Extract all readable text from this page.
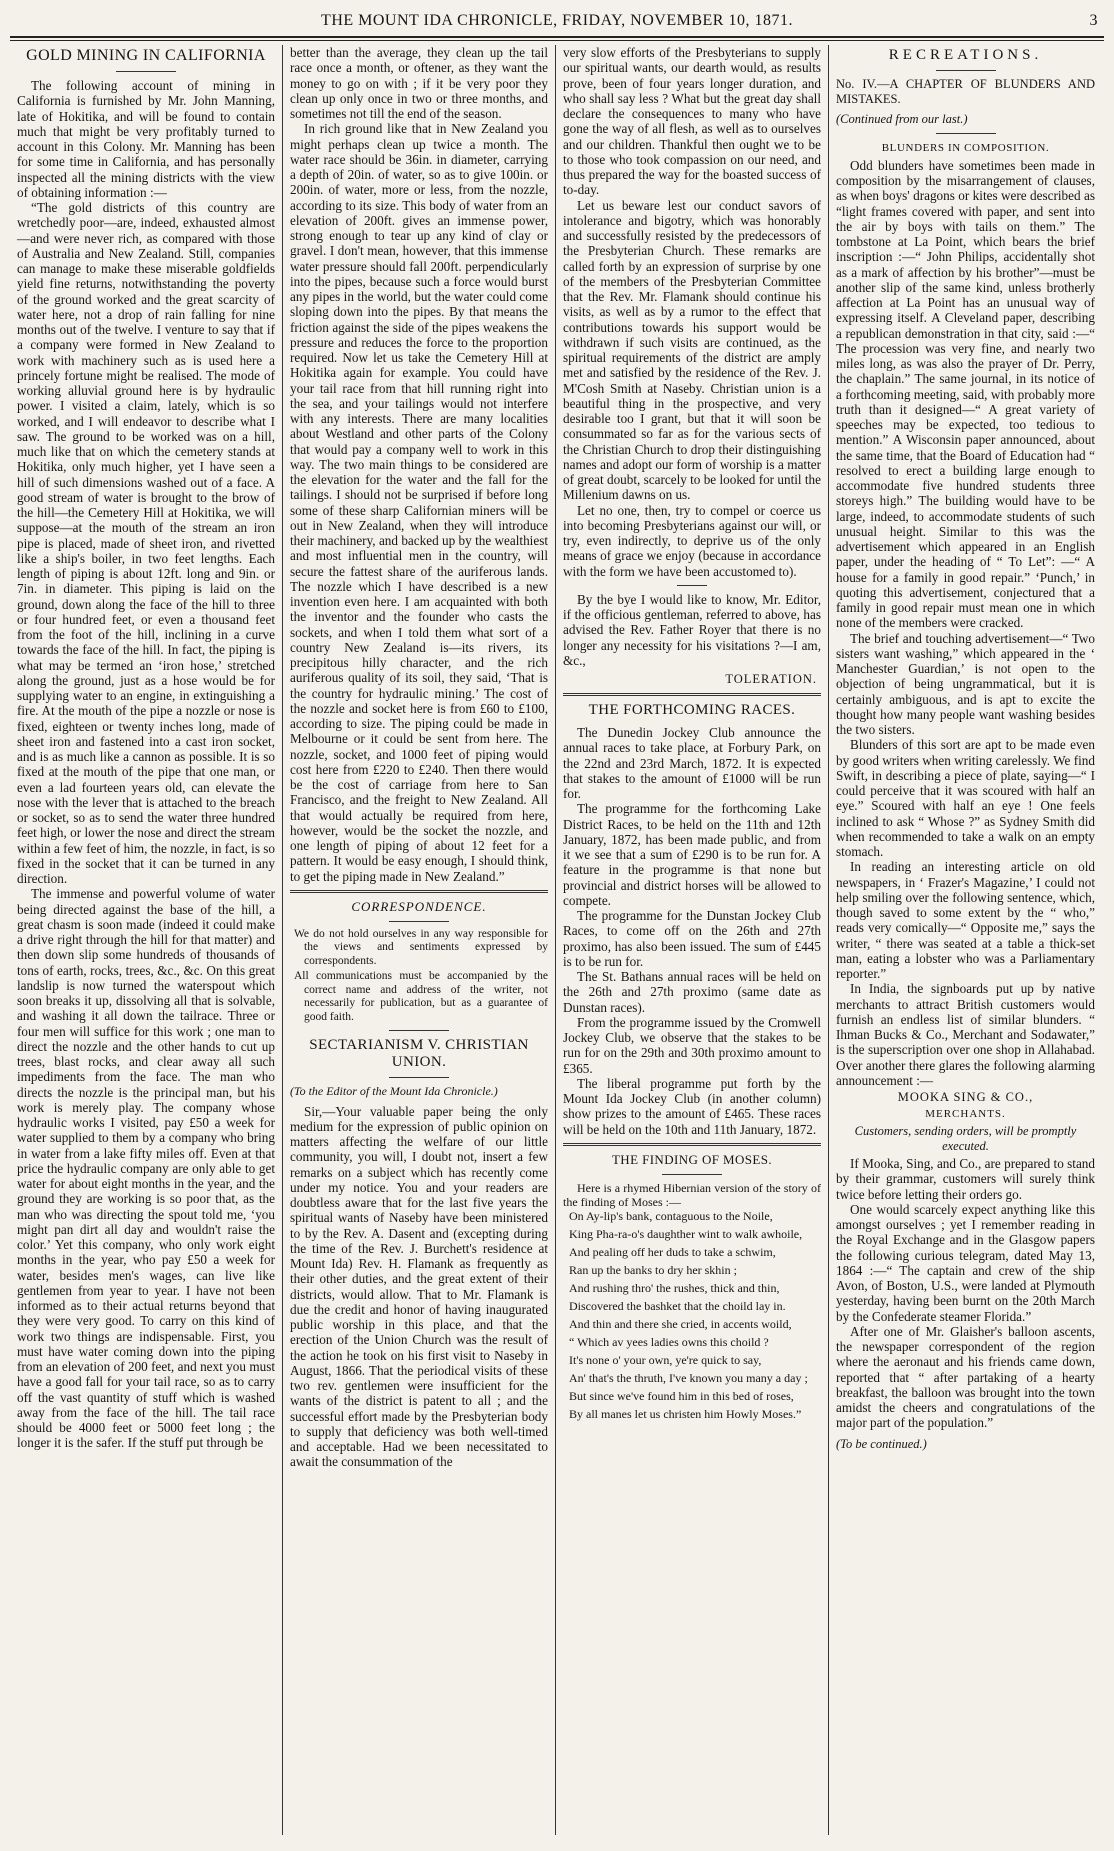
THE MOUNT IDA CHRONICLE, FRIDAY, NOVEMBER 10, 1871.	3
GOLD MINING IN CALIFORNIA

The following account of mining in California is furnished by Mr. John Manning, late of Hokitika, and will be found to contain much that might be very profitably turned to account in this Colony. Mr. Manning has been for some time in California, and has personally inspected all the mining districts with the view of obtaining information :—

“The gold districts of this country are wretchedly poor—are, indeed, exhausted almost—and were never rich, as compared with those of Australia and New Zealand. Still, companies can manage to make these miserable goldfields yield fine returns, notwithstanding the poverty of the ground worked and the great scarcity of water here, not a drop of rain falling for nine months out of the twelve. I venture to say that if a company were formed in New Zealand to work with machinery such as is used here a princely fortune might be realised. The mode of working alluvial ground here is by hydraulic power. I visited a claim, lately, which is so worked, and I will endeavor to describe what I saw. The ground to be worked was on a hill, much like that on which the cemetery stands at Hokitika, only much higher, yet I have seen a hill of such dimensions washed out of a face. A good stream of water is brought to the brow of the hill—the Cemetery Hill at Hokitika, we will suppose—at the mouth of the stream an iron pipe is placed, made of sheet iron, and rivetted like a ship's boiler, in two feet lengths. Each length of piping is about 12ft. long and 9in. or 7in. in diameter. This piping is laid on the ground, down along the face of the hill to three or four hundred feet, or even a thousand feet from the foot of the hill, inclining in a curve towards the face of the hill. In fact, the piping is what may be termed an ‘iron hose,’ stretched along the ground, just as a hose would be for supplying water to an engine, in extinguishing a fire. At the mouth of the pipe a nozzle or nose is fixed, eighteen or twenty inches long, made of sheet iron and fastened into a cast iron socket, and is as much like a cannon as possible. It is so fixed at the mouth of the pipe that one man, or even a lad fourteen years old, can elevate the nose with the lever that is attached to the breach or socket, so as to send the water three hundred feet high, or lower the nose and direct the stream within a few feet of him, the nozzle, in fact, is so fixed in the socket that it can be turned in any direction.

The immense and powerful volume of water being directed against the base of the hill, a great chasm is soon made (indeed it could make a drive right through the hill for that matter) and then down slip some hundreds of thousands of tons of earth, rocks, trees, &c., &c. On this great landslip is now turned the waterspout which soon breaks it up, dissolving all that is solvable, and washing it all down the tailrace. Three or four men will suffice for this work ; one man to direct the nozzle and the other hands to cut up trees, blast rocks, and clear away all such impediments from the face. The man who directs the nozzle is the principal man, but his work is merely play. The company whose hydraulic works I visited, pay £50 a week for water supplied to them by a company who bring in water from a lake fifty miles off. Even at that price the hydraulic company are only able to get water for about eight months in the year, and the ground they are working is so poor that, as the man who was directing the spout told me, ‘you might pan dirt all day and wouldn't raise the color.’ Yet this company, who only work eight months in the year, who pay £50 a week for water, besides men's wages, can live like gentlemen from year to year. I have not been informed as to their actual returns beyond that they were very good. To carry on this kind of work two things are indispensable. First, you must have water coming down into the piping from an elevation of 200 feet, and next you must have a good fall for your tail race, so as to carry off the vast quantity of stuff which is washed away from the face of the hill. The tail race should be 4000 feet or 5000 feet long ; the longer it is the safer. If the stuff put through be

better than the average, they clean up the tail race once a month, or oftener, as they want the money to go on with ; if it be very poor they clean up only once in two or three months, and sometimes not till the end of the season.

In rich ground like that in New Zealand you might perhaps clean up twice a month. The water race should be 36in. in diameter, carrying a depth of 20in. of water, so as to give 100in. or 200in. of water, more or less, from the nozzle, according to its size. This body of water from an elevation of 200ft. gives an immense power, strong enough to tear up any kind of clay or gravel. I don't mean, however, that this immense water pressure should fall 200ft. perpendicularly into the pipes, because such a force would burst any pipes in the world, but the water could come sloping down into the pipes. By that means the friction against the side of the pipes weakens the pressure and reduces the force to the proportion required. Now let us take the Cemetery Hill at Hokitika again for example. You could have your tail race from that hill running right into the sea, and your tailings would not interfere with any interests. There are many localities about Westland and other parts of the Colony that would pay a company well to work in this way. The two main things to be considered are the elevation for the water and the fall for the tailings. I should not be surprised if before long some of these sharp Californian miners will be out in New Zealand, when they will introduce their machinery, and backed up by the wealthiest and most influential men in the country, will secure the fattest share of the auriferous lands. The nozzle which I have described is a new invention even here. I am acquainted with both the inventor and the founder who casts the sockets, and when I told them what sort of a country New Zealand is—its rivers, its precipitous hilly character, and the rich auriferous quality of its soil, they said, ‘That is the country for hydraulic mining.’ The cost of the nozzle and socket here is from £60 to £100, according to size. The piping could be made in Melbourne or it could be sent from here. The nozzle, socket, and 1000 feet of piping would cost here from £220 to £240. Then there would be the cost of carriage from here to San Francisco, and the freight to New Zealand. All that would actually be required from here, however, would be the socket the nozzle, and one length of piping of about 12 feet for a pattern. It would be easy enough, I should think, to get the piping made in New Zealand.”

CORRESPONDENCE.

We do not hold ourselves in any way responsible for the views and sentiments expressed by correspondents.

All communications must be accompanied by the correct name and address of the writer, not necessarily for publication, but as a guarantee of good faith.

SECTARIANISM V. CHRISTIAN UNION.

(To the Editor of the Mount Ida Chronicle.)

Sir,—Your valuable paper being the only medium for the expression of public opinion on matters affecting the welfare of our little community, you will, I doubt not, insert a few remarks on a subject which has recently come under my notice. You and your readers are doubtless aware that for the last five years the spiritual wants of Naseby have been ministered to by the Rev. A. Dasent and (excepting during the time of the Rev. J. Burchett's residence at Mount Ida) Rev. H. Flamank as frequently as their other duties, and the great extent of their districts, would allow. That to Mr. Flamank is due the credit and honor of having inaugurated public worship in this place, and that the erection of the Union Church was the result of the action he took on his first visit to Naseby in August, 1866. That the periodical visits of these two rev. gentlemen were insufficient for the wants of the district is patent to all ; and the successful effort made by the Presbyterian body to supply that deficiency was both well-timed and acceptable. Had we been necessitated to await the consummation of the

very slow efforts of the Presbyterians to supply our spiritual wants, our dearth would, as results prove, been of four years longer duration, and who shall say less ? What but the great day shall declare the consequences to many who have gone the way of all flesh, as well as to ourselves and our children. Thankful then ought we to be to those who took compassion on our need, and thus prepared the way for the boasted success of to-day.

Let us beware lest our conduct savors of intolerance and bigotry, which was honorably and successfully resisted by the predecessors of the Presbyterian Church. These remarks are called forth by an expression of surprise by one of the members of the Presbyterian Committee that the Rev. Mr. Flamank should continue his visits, as well as by a rumor to the effect that contributions towards his support would be withdrawn if such visits are continued, as the spiritual requirements of the district are amply met and satisfied by the residence of the Rev. J. M'Cosh Smith at Naseby. Christian union is a beautiful thing in the prospective, and very desirable too I grant, but that it will soon be consummated so far as for the various sects of the Christian Church to drop their distinguishing names and adopt our form of worship is a matter of great doubt, scarcely to be looked for until the Millenium dawns on us.

Let no one, then, try to compel or coerce us into becoming Presbyterians against our will, or try, even indirectly, to deprive us of the only means of grace we enjoy (because in accordance with the form we have been accustomed to).

By the bye I would like to know, Mr. Editor, if the officious gentleman, referred to above, has advised the Rev. Father Royer that there is no longer any necessity for his visitations ?—I am, &c.,

TOLERATION.
THE FORTHCOMING RACES.

The Dunedin Jockey Club announce the annual races to take place, at Forbury Park, on the 22nd and 23rd March, 1872. It is expected that stakes to the amount of £1000 will be run for.

The programme for the forthcoming Lake District Races, to be held on the 11th and 12th January, 1872, has been made public, and from it we see that a sum of £290 is to be run for. A feature in the programme is that none but provincial and district horses will be allowed to compete.

The programme for the Dunstan Jockey Club Races, to come off on the 26th and 27th proximo, has also been issued. The sum of £445 is to be run for.

The St. Bathans annual races will be held on the 26th and 27th proximo (same date as Dunstan races).

From the programme issued by the Cromwell Jockey Club, we observe that the stakes to be run for on the 29th and 30th proximo amount to £365.

The liberal programme put forth by the Mount Ida Jockey Club (in another column) show prizes to the amount of £465. These races will be held on the 10th and 11th January, 1872.

THE FINDING OF MOSES.

Here is a rhymed Hibernian version of the story of the finding of Moses :—

On Ay-lip's bank, contaguous to the Noile,

King Pha-ra-o's daughther wint to walk awhoile,

And pealing off her duds to take a schwim,

Ran up the banks to dry her skhin ;

And rushing thro' the rushes, thick and thin,

Discovered the bashket that the choild lay in.

And thin and there she cried, in accents woild,

“ Which av yees ladies owns this choild ?

It's none o' your own, ye're quick to say,

An' that's the thruth, I've known you many a day ;

But since we've found him in this bed of roses,

By all manes let us christen him Howly Moses.”

RECREATIONS.

No. IV.—A CHAPTER OF BLUNDERS AND MISTAKES.

(Continued from our last.)

BLUNDERS IN COMPOSITION.

Odd blunders have sometimes been made in composition by the misarrangement of clauses, as when boys' dragons or kites were described as “light frames covered with paper, and sent into the air by boys with tails on them.” The tombstone at La Point, which bears the brief inscription :—“ John Philips, accidentally shot as a mark of affection by his brother”—must be another slip of the same kind, unless brotherly affection at La Point has an unusual way of expressing itself. A Cleveland paper, describing a republican demonstration in that city, said :—“ The procession was very fine, and nearly two miles long, as was also the prayer of Dr. Perry, the chaplain.” The same journal, in its notice of a forthcoming meeting, said, with probably more truth than it designed—“ A great variety of speeches may be expected, too tedious to mention.” A Wisconsin paper announced, about the same time, that the Board of Education had “ resolved to erect a building large enough to accommodate five hundred students three storeys high.” The building would have to be large, indeed, to accommodate students of such unusual height. Similar to this was the advertisement which appeared in an English paper, under the heading of “ To Let”: —“ A house for a family in good repair.” ‘Punch,’ in quoting this advertisement, conjectured that a family in good repair must mean one in which none of the members were cracked.

The brief and touching advertisement—“ Two sisters want washing,” which appeared in the ‘ Manchester Guardian,’ is not open to the objection of being ungrammatical, but it is certainly ambiguous, and is apt to excite the thought how many people want washing besides the two sisters.

Blunders of this sort are apt to be made even by good writers when writing carelessly. We find Swift, in describing a piece of plate, saying—“ I could perceive that it was scoured with half an eye.” Scoured with half an eye ! One feels inclined to ask “ Whose ?” as Sydney Smith did when recommended to take a walk on an empty stomach.

In reading an interesting article on old newspapers, in ‘ Frazer's Magazine,’ I could not help smiling over the following sentence, which, though saved to some extent by the “ who,” reads very comically—“ Opposite me,” says the writer, “ there was seated at a table a thick-set man, eating a lobster who was a Parliamentary reporter.”

In India, the signboards put up by native merchants to attract British customers would furnish an endless list of similar blunders. “ Ihman Bucks & Co., Merchant and Sodawater,” is the superscription over one shop in Allahabad. Over another there glares the following alarming announcement :—

MOOKA SING & CO.,
MERCHANTS.
Customers, sending orders, will be promptly executed.

If Mooka, Sing, and Co., are prepared to stand by their grammar, customers will surely think twice before letting their orders go.

One would scarcely expect anything like this amongst ourselves ; yet I remember reading in the Royal Exchange and in the Glasgow papers the following curious telegram, dated May 13, 1864 :—“ The captain and crew of the ship Avon, of Boston, U.S., were landed at Plymouth yesterday, having been burnt on the 20th March by the Confederate steamer Florida.”

After one of Mr. Glaisher's balloon ascents, the newspaper correspondent of the region where the aeronaut and his friends came down, reported that “ after partaking of a hearty breakfast, the balloon was brought into the town amidst the cheers and congratulations of the major part of the population.”

(To be continued.)
